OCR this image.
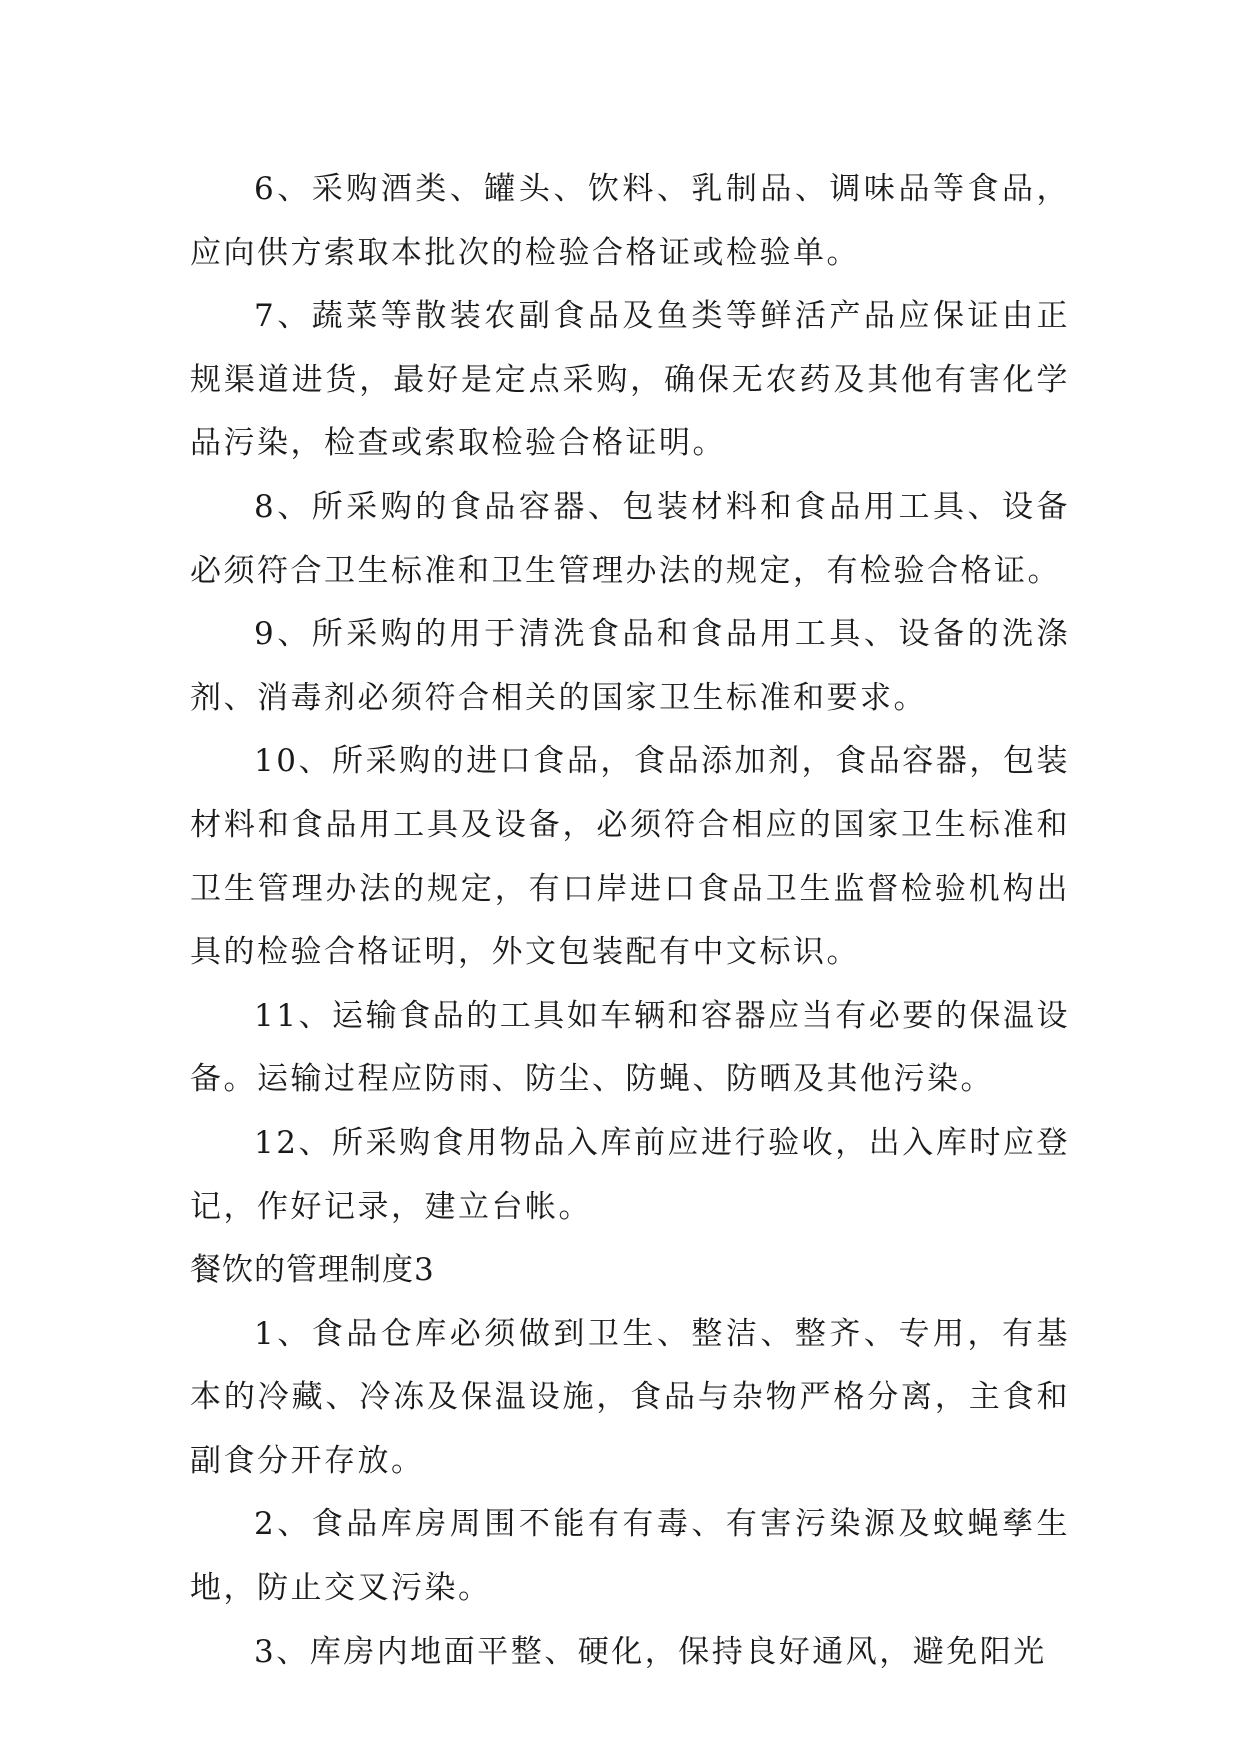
6、采购酒类、罐头、饮料、乳制品、调味品等食品，应向供方索取本批次的检验合格证或检验单。

7、蔬菜等散装农副食品及鱼类等鲜活产品应保证由正规渠道进货，最好是定点采购，确保无农药及其他有害化学品污染，检查或索取检验合格证明。

8、所采购的食品容器、包装材料和食品用工具、设备必须符合卫生标准和卫生管理办法的规定，有检验合格证。

9、所采购的用于清洗食品和食品用工具、设备的洗涤剂、消毒剂必须符合相关的国家卫生标准和要求。

10、所采购的进口食品，食品添加剂，食品容器，包装材料和食品用工具及设备，必须符合相应的国家卫生标准和卫生管理办法的规定，有口岸进口食品卫生监督检验机构出具的检验合格证明，外文包装配有中文标识。

11、运输食品的工具如车辆和容器应当有必要的保温设备。运输过程应防雨、防尘、防蝇、防晒及其他污染。

12、所采购食用物品入库前应进行验收，出入库时应登记，作好记录，建立台帐。

餐饮的管理制度3

1、食品仓库必须做到卫生、整洁、整齐、专用，有基本的冷藏、冷冻及保温设施，食品与杂物严格分离，主食和副食分开存放。

2、食品库房周围不能有有毒、有害污染源及蚊蝇孳生地，防止交叉污染。

3、库房内地面平整、硬化，保持良好通风，避免阳光
